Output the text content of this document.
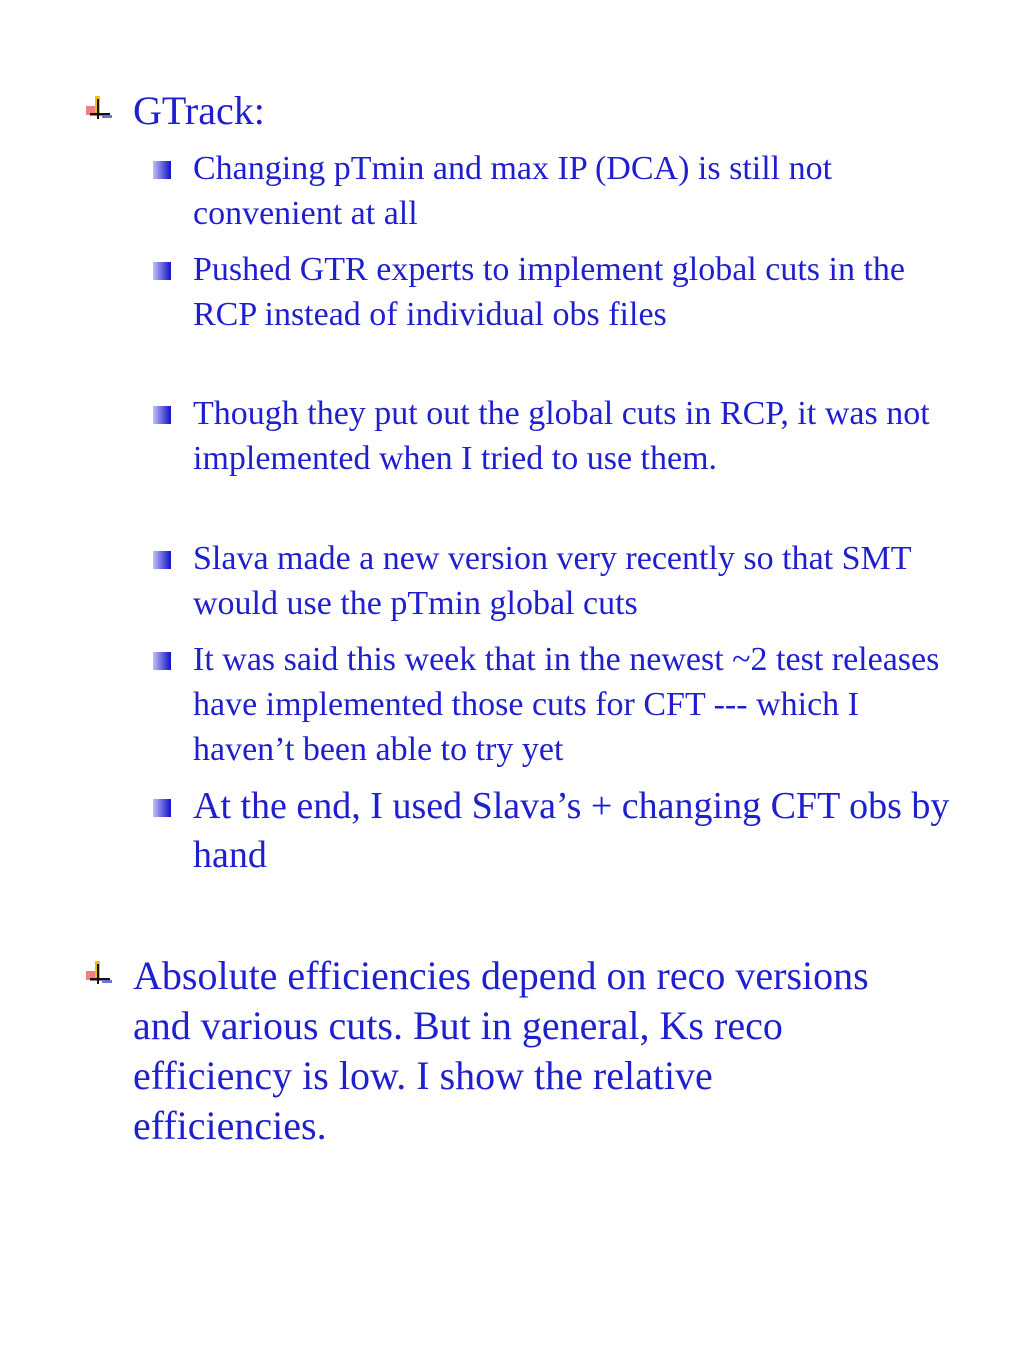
GTrack:
Changing pTmin and max IP (DCA) is still not convenient at all
Pushed GTR experts to implement global cuts in the RCP instead of individual obs files
Though they put out the global cuts in RCP, it was not implemented when I tried to use them.
Slava made a new version very recently so that SMT would use the pTmin global cuts
It was said this week that in the newest ~2 test releases have implemented those cuts for CFT --- which I haven’t been able to try yet
At the end, I used Slava’s + changing CFT obs by hand
Absolute efficiencies depend on reco versions and various cuts. But in general, Ks reco efficiency is low. I show the relative efficiencies.
